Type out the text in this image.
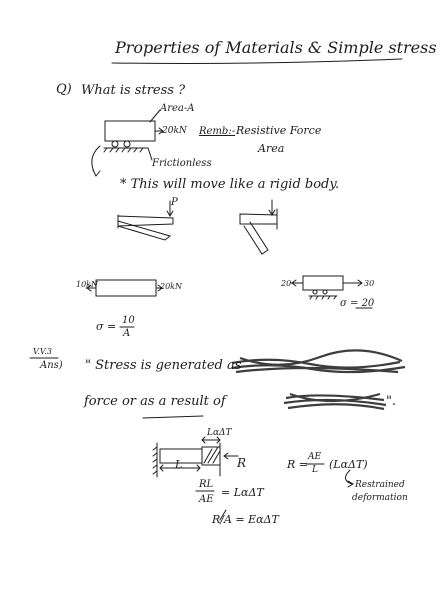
Properties of Materials & Simple stress
Q) What is stress ?
Area-A
20kN Remb:- Resistive Force
Area
Frictionless
* This will move like a rigid body.
P
10kN	20kN
σ = 10
A
20	30
σ = 20
V.V.3
Ans) " Stress is generated as
force or as a result of	".
LαΔT
L	R
RL
AE
= LαΔT
R/A = EαΔT
R =
AE
L (LαΔT)
Restrained
deformation
